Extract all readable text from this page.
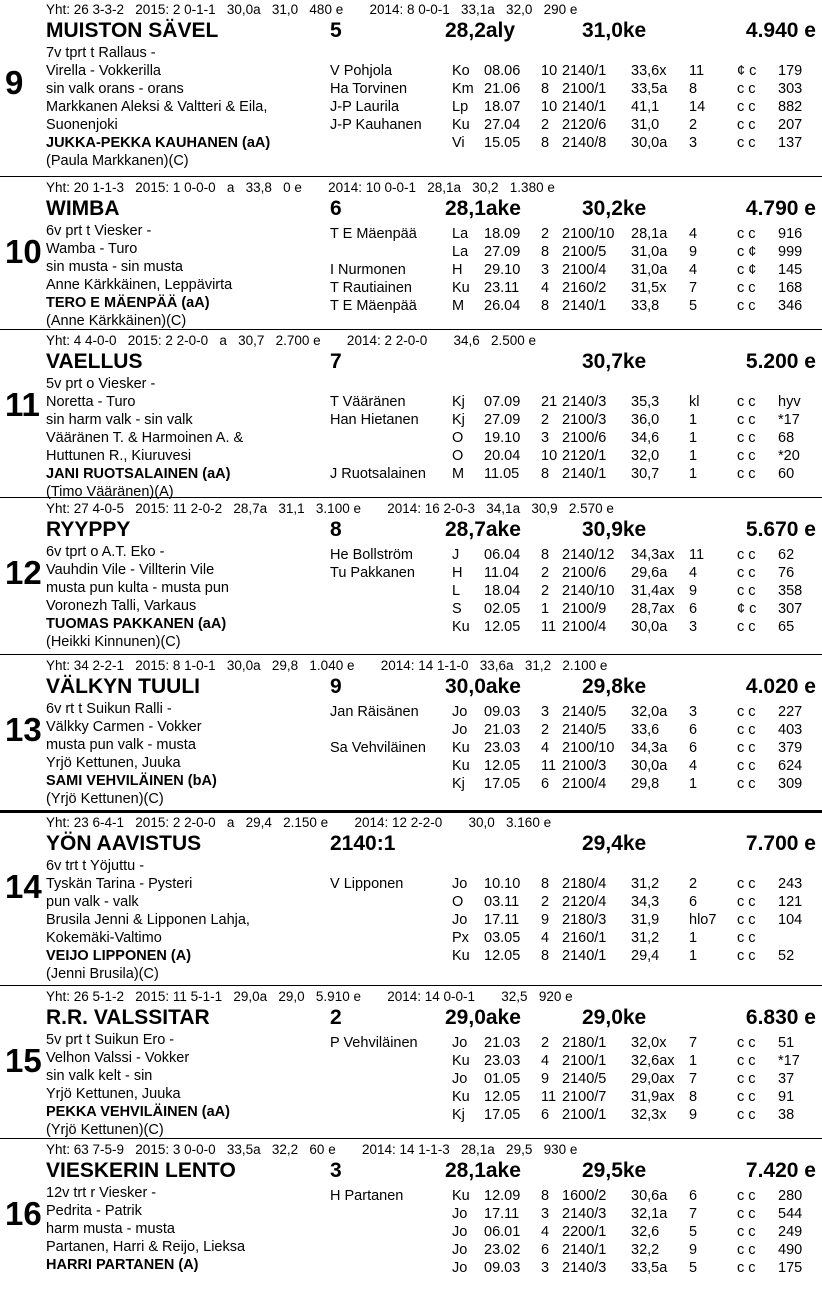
Yht: 26 3-3-2   2015: 2 0-1-1   30,0a   31,0   480 e       2014: 8 0-0-1   33,1a   32,0   290 e
MUISTON SÄVEL	5	28,2aly	31,0ke	4.940 e
9
7v tprt t Rallaus -
Virella - Vokkerilla
sin valk orans - orans
Markkanen Aleksi & Valtteri & Eila,
Suonenjoki
JUKKA-PEKKA KAUHANEN (aA)
(Paula Markkanen)(C)
V Pohjola	Ko 08.06 10 2140/1 33,6x 11 ¢ c 179
Ha Torvinen	Km 21.06 8 2100/1 33,5a 8	c c 303
J-P Laurila	Lp 18.07 10 2140/1 41,1 14 c c 882
J-P Kauhanen Ku 27.04 2 2120/6 31,0 2	c c 207
Vi 15.05 8 2140/8 30,0a 3	c c 137
Yht: 20 1-1-3   2015: 1 0-0-0   a   33,8   0 e       2014: 10 0-0-1   28,1a   30,2   1.380 e
WIMBA	6	28,1ake	30,2ke	4.790 e
10
6v prt t Viesker -
Wamba - Turo
sin musta - sin musta
Anne Kärkkäinen, Leppävirta
TERO E MÄENPÄÄ (aA)
(Anne Kärkkäinen)(C)
T E Mäenpää La 18.09 2 2100/10 28,1a 4	c c 916
La 27.09 8 2100/5 31,0a 9	c ¢ 999
I Nurmonen	H 29.10 3 2100/4 31,0a 4	c ¢ 145
T Rautiainen	Ku 23.11 4 2160/2 31,5x 7	c c 168
T E Mäenpää M 26.04 8 2140/1 33,8 5	c c 346
Yht: 4 4-0-0   2015: 2 2-0-0   a   30,7   2.700 e       2014: 2 2-0-0       34,6   2.500 e
VAELLUS	7	30,7ke	5.200 e
11
5v prt o Viesker -
Noretta - Turo
sin harm valk - sin valk
Vääränen T. & Harmoinen A. &
Huttunen R., Kiuruvesi
JANI RUOTSALAINEN (aA)
(Timo Vääränen)(A)
T Vääränen	Kj 07.09 21 2140/3 35,3 kl	c c hyv
Han Hietanen Kj 27.09 2 2100/3 36,0 1	c c *17
O 19.10 3 2100/6 34,6 1	c c 68
O 20.04 10 2120/1 32,0 1	c c *20
J Ruotsalainen M 11.05 8 2140/1 30,7 1	c c 60
Yht: 27 4-0-5   2015: 11 2-0-2   28,7a   31,1   3.100 e       2014: 16 2-0-3   34,1a   30,9   2.570 e
RYYPPY	8	28,7ake	30,9ke	5.670 e
12
6v tprt o A.T. Eko -
Vauhdin Vile - Villterin Vile
musta pun kulta - musta pun
Voronezh Talli, Varkaus
TUOMAS PAKKANEN (aA)
(Heikki Kinnunen)(C)
He Bollström	J 06.04 8 2140/12 34,3ax 11 c c 62
Tu Pakkanen	H 11.04 2 2100/6 29,6a 4	c c 76
L 18.04 2 2140/10 31,4ax 9	c c 358
S 02.05 1 2100/9 28,7ax 6	¢ c 307
Ku 12.05 11 2100/4 30,0a 3	c c 65
Yht: 34 2-2-1   2015: 8 1-0-1   30,0a   29,8   1.040 e       2014: 14 1-1-0   33,6a   31,2   2.100 e
VÄLKYN TUULI	9	30,0ake	29,8ke	4.020 e
13
6v rt t Suikun Ralli -
Välkky Carmen - Vokker
musta pun valk - musta
Yrjö Kettunen, Juuka
SAMI VEHVILÄINEN (bA)
(Yrjö Kettunen)(C)
Jan Räisänen Jo 09.03 3 2140/5 32,0a 3	c c 227
Jo 21.03 2 2140/5 33,6 6	c c 403
Sa Vehviläinen Ku 23.03 4 2100/10 34,3a 6	c c 379
Ku 12.05 11 2100/3 30,0a 4	c c 624
Kj 17.05 6 2100/4 29,8 1	c c 309
Yht: 23 6-4-1   2015: 2 2-0-0   a   29,4   2.150 e       2014: 12 2-2-0       30,0   3.160 e
YÖN AAVISTUS	2140:1	29,4ke	7.700 e
14
6v trt t Yöjuttu -
Tyskän Tarina - Pysteri
pun valk - valk
Brusila Jenni & Lipponen Lahja,
Kokemäki-Valtimo
VEIJO LIPPONEN (A)
(Jenni Brusila)(C)
V Lipponen	Jo 10.10 8 2180/4 31,2 2	c c 243
O 03.11 2 2120/4 34,3 6	c c 121
Jo 17.11 9 2180/3 31,9 hlo7 c c 104
Px 03.05 4 2160/1 31,2 1	c c
Ku 12.05 8 2140/1 29,4 1	c c 52
Yht: 26 5-1-2   2015: 11 5-1-1   29,0a   29,0   5.910 e       2014: 14 0-0-1       32,5   920 e
R.R. VALSSITAR	2	29,0ake	29,0ke	6.830 e
15
5v prt t Suikun Ero -
Velhon Valssi - Vokker
sin valk kelt - sin
Yrjö Kettunen, Juuka
PEKKA VEHVILÄINEN (aA)
(Yrjö Kettunen)(C)
P Vehviläinen Jo 21.03 2 2180/1 32,0x 7	c c 51
Ku 23.03 4 2100/1 32,6ax 1	c c *17
Jo 01.05 9 2140/5 29,0ax 7	c c 37
Ku 12.05 11 2100/7 31,9ax 8	c c 91
Kj 17.05 6 2100/1 32,3x 9	c c 38
Yht: 63 7-5-9   2015: 3 0-0-0   33,5a   32,2   60 e       2014: 14 1-1-3   28,1a   29,5   930 e
VIESKERIN LENTO	3	28,1ake	29,5ke	7.420 e
16
12v trt r Viesker -
Pedrita - Patrik
harm musta - musta
Partanen, Harri & Reijo, Lieksa
HARRI PARTANEN (A)
H Partanen	Ku 12.09 8 1600/2 30,6a 6	c c 280
Jo 17.11 3 2140/3 32,1a 7	c c 544
Jo 06.01 4 2200/1 32,6 5	c c 249
Jo 23.02 6 2140/1 32,2 9	c c 490
Jo 09.03 3 2140/3 33,5a 5	c c 175
